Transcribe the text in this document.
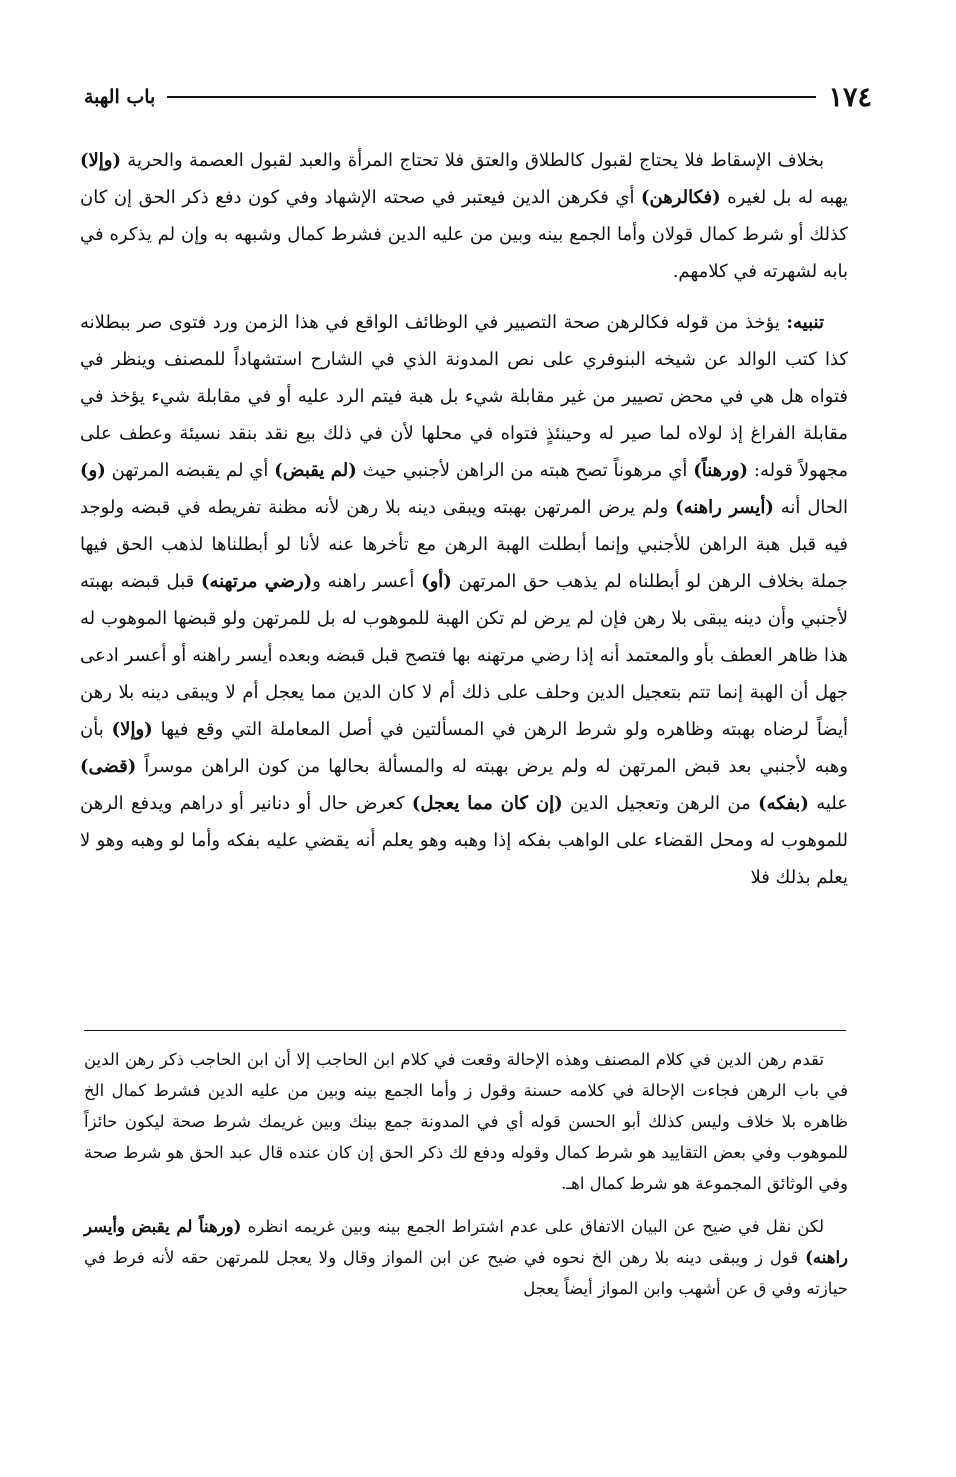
١٧٤
باب الهبة

بخلاف الإسقاط فلا يحتاج لقبول كالطلاق والعتق فلا تحتاج المرأة والعبد لقبول العصمة والحرية (وإلا) يهبه له بل لغيره (فكالرهن) أي فكرهن الدين فيعتبر في صحته الإشهاد وفي كون دفع ذكر الحق إن كان كذلك أو شرط كمال قولان وأما الجمع بينه وبين من عليه الدين فشرط كمال وشبهه به وإن لم يذكره في بابه لشهرته في كلامهم.

تنبيه: يؤخذ من قوله فكالرهن صحة التصيير في الوظائف الواقع في هذا الزمن ورد فتوى صر ببطلانه كذا كتب الوالد عن شيخه البنوفري على نص المدونة الذي في الشارح استشهاداً للمصنف وينظر في فتواه هل هي في محض تصيير من غير مقابلة شيء بل هبة فيتم الرد عليه أو في مقابلة شيء يؤخذ في مقابلة الفراغ إذ لولاه لما صير له وحينئذٍ فتواه في محلها لأن في ذلك بيع نقد بنقد نسيئة وعطف على مجهولاً قوله: (ورهناً) أي مرهوناً تصح هبته من الراهن لأجنبي حيث (لم يقبض) أي لم يقبضه المرتهن (و) الحال أنه (أيسر راهنه) ولم يرض المرتهن بهبته ويبقى دينه بلا رهن لأنه مظنة تفريطه في قبضه ولوجد فيه قبل هبة الراهن للأجنبي وإنما أبطلت الهبة الرهن مع تأخرها عنه لأنا لو أبطلناها لذهب الحق فيها جملة بخلاف الرهن لو أبطلناه لم يذهب حق المرتهن (أو) أعسر راهنه و(رضي مرتهنه) قبل قبضه بهبته لأجنبي وأن دينه يبقى بلا رهن فإن لم يرض لم تكن الهبة للموهوب له بل للمرتهن ولو قبضها الموهوب له هذا ظاهر العطف بأو والمعتمد أنه إذا رضي مرتهنه بها فتصح قبل قبضه وبعده أيسر راهنه أو أعسر ادعى جهل أن الهبة إنما تتم بتعجيل الدين وحلف على ذلك أم لا كان الدين مما يعجل أم لا ويبقى دينه بلا رهن أيضاً لرضاه بهبته وظاهره ولو شرط الرهن في المسألتين في أصل المعاملة التي وقع فيها (وإلا) بأن وهبه لأجنبي بعد قبض المرتهن له ولم يرض بهبته له والمسألة بحالها من كون الراهن موسراً (قضى) عليه (بفكه) من الرهن وتعجيل الدين (إن كان مما يعجل) كعرض حال أو دنانير أو دراهم ويدفع الرهن للموهوب له ومحل القضاء على الواهب بفكه إذا وهبه وهو يعلم أنه يقضي عليه بفكه وأما لو وهبه وهو لا يعلم بذلك فلا

تقدم رهن الدين في كلام المصنف وهذه الإحالة وقعت في كلام ابن الحاجب إلا أن ابن الحاجب ذكر رهن الدين في باب الرهن فجاءت الإحالة في كلامه حسنة وقول ز وأما الجمع بينه وبين من عليه الدين فشرط كمال الخ ظاهره بلا خلاف وليس كذلك أبو الحسن قوله أي في المدونة جمع بينك وبين غريمك شرط صحة ليكون حائزاً للموهوب وفي بعض التقاييد هو شرط كمال وقوله ودفع لك ذكر الحق إن كان عنده قال عبد الحق هو شرط صحة وفي الوثائق المجموعة هو شرط كمال اهـ.

لكن نقل في ضيح عن البيان الاتفاق على عدم اشتراط الجمع بينه وبين غريمه انظره (ورهناً لم يقبض وأيسر راهنه) قول ز ويبقى دينه بلا رهن الخ نحوه في ضيح عن ابن المواز وقال ولا يعجل للمرتهن حقه لأنه فرط في حيازته وفي ق عن أشهب وابن المواز أيضاً يعجل
